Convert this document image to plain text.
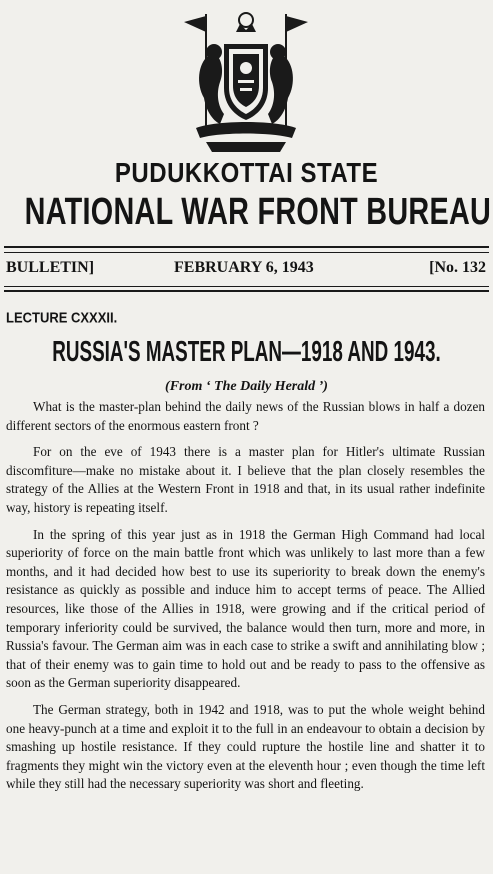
PUDUKKOTTAI STATE
NATIONAL WAR FRONT BUREAU
BULLETIN]	FEBRUARY 6, 1943	[No. 132
LECTURE CXXXII.
RUSSIA'S MASTER PLAN—1918 AND 1943.
(From ‘ The Daily Herald ’)

What is the master-plan behind the daily news of the Russian blows in half a dozen different sectors of the enormous eastern front ?

For on the eve of 1943 there is a master plan for Hitler's ultimate Russian discomfiture—make no mistake about it. I believe that the plan closely resembles the strategy of the Allies at the Western Front in 1918 and that, in its usual rather indefinite way, history is repeating itself.

In the spring of this year just as in 1918 the German High Command had local superiority of force on the main battle front which was unlikely to last more than a few months, and it had decided how best to use its superiority to break down the enemy's resistance as quickly as possible and induce him to accept terms of peace. The Allied resources, like those of the Allies in 1918, were growing and if the critical period of temporary inferiority could be survived, the balance would then turn, more and more, in Russia's favour. The German aim was in each case to strike a swift and annihilating blow ; that of their enemy was to gain time to hold out and be ready to pass to the offensive as soon as the German superiority disappeared.

The German strategy, both in 1942 and 1918, was to put the whole weight behind one heavy-punch at a time and exploit it to the full in an endeavour to obtain a decision by smashing up hostile resistance. If they could rupture the hostile line and shatter it to fragments they might win the victory even at the eleventh hour ; even though the time left while they still had the necessary superiority was short and fleeting.
